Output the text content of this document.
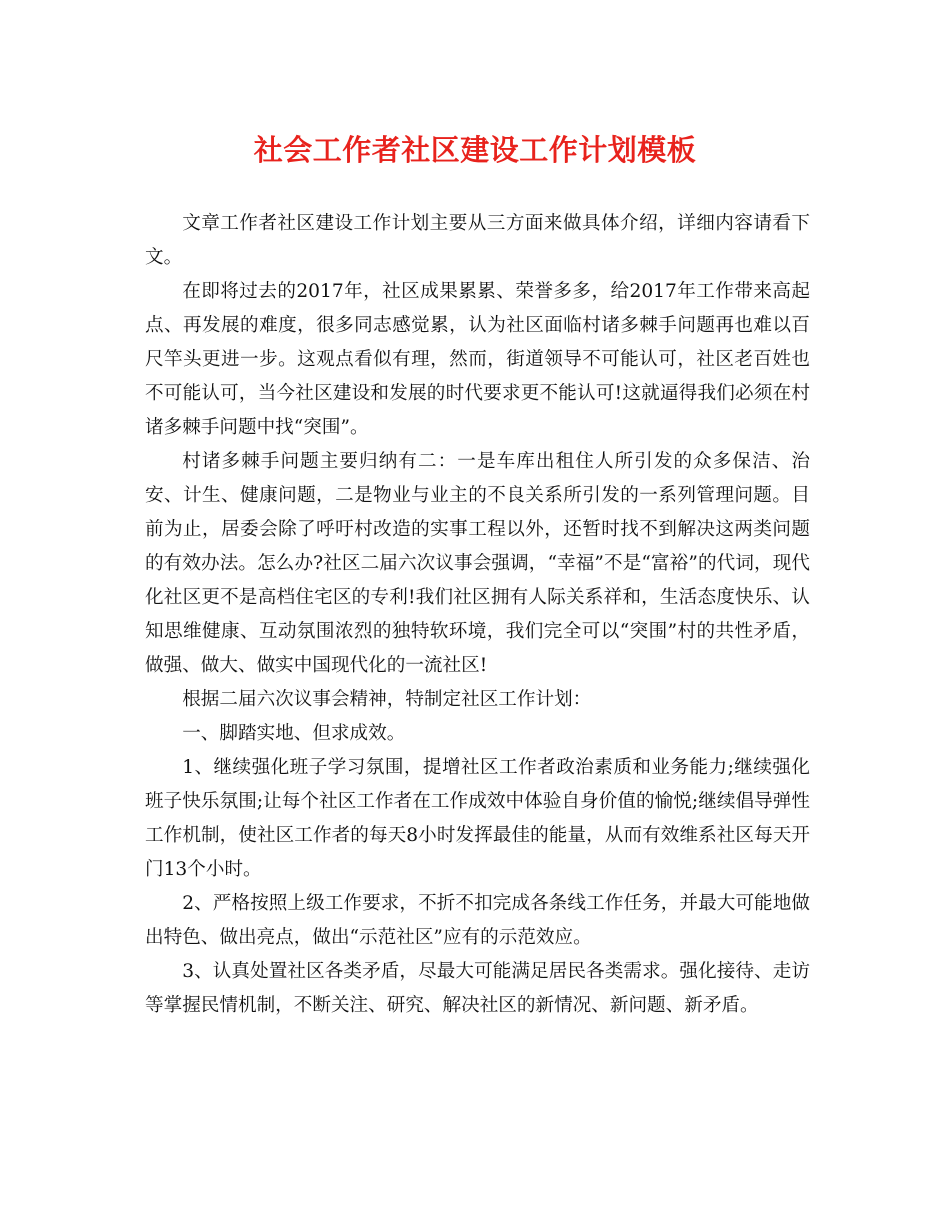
社会工作者社区建设工作计划模板

文章工作者社区建设工作计划主要从三方面来做具体介绍，详细内容请看下文。

在即将过去的2017年，社区成果累累、荣誉多多，给2017年工作带来高起点、再发展的难度，很多同志感觉累，认为社区面临村诸多棘手问题再也难以百尺竿头更进一步。这观点看似有理，然而，街道领导不可能认可，社区老百姓也不可能认可，当今社区建设和发展的时代要求更不能认可!这就逼得我们必须在村诸多棘手问题中找“突围”。

村诸多棘手问题主要归纳有二：一是车库出租住人所引发的众多保洁、治安、计生、健康问题，二是物业与业主的不良关系所引发的一系列管理问题。目前为止，居委会除了呼吁村改造的实事工程以外，还暂时找不到解决这两类问题的有效办法。怎么办?社区二届六次议事会强调，“幸福”不是“富裕”的代词，现代化社区更不是高档住宅区的专利!我们社区拥有人际关系祥和，生活态度快乐、认知思维健康、互动氛围浓烈的独特软环境，我们完全可以“突围”村的共性矛盾，做强、做大、做实中国现代化的一流社区!

根据二届六次议事会精神，特制定社区工作计划：

一、脚踏实地、但求成效。

1、继续强化班子学习氛围，提增社区工作者政治素质和业务能力;继续强化班子快乐氛围;让每个社区工作者在工作成效中体验自身价值的愉悦;继续倡导弹性工作机制，使社区工作者的每天8小时发挥最佳的能量，从而有效维系社区每天开门13个小时。

2、严格按照上级工作要求，不折不扣完成各条线工作任务，并最大可能地做出特色、做出亮点，做出“示范社区”应有的示范效应。

3、认真处置社区各类矛盾，尽最大可能满足居民各类需求。强化接待、走访等掌握民情机制，不断关注、研究、解决社区的新情况、新问题、新矛盾。
